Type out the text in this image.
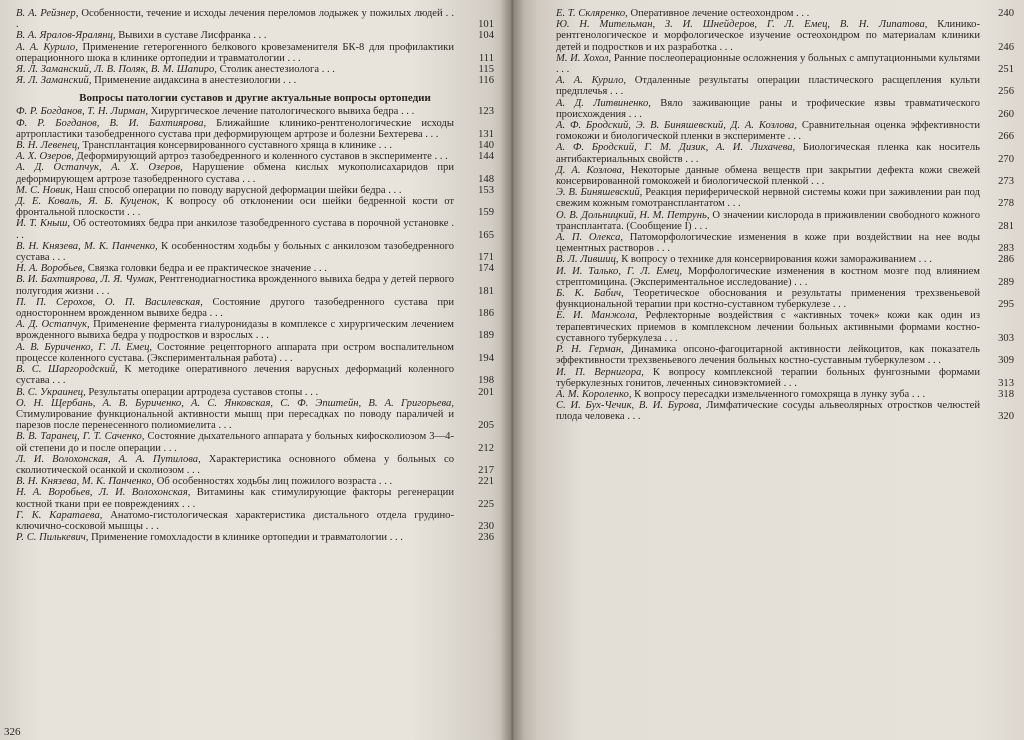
В. А. Рейзнер, Особенности, течение и исходы лечения переломов лодыжек у пожилых людей . . .	101

В. А. Яралов-Яралянц, Вывихи в суставе Лисфранка . . .	104

А. А. Курило, Применение гетерогенного белкового кровезаменителя БК-8 для профилактики операционного шока в клинике ортопедии и травматологии . . .	111

Я. Л. Заманский, Л. В. Поляк, В. М. Шапиро, Столик анестезиолога . . .	115

Я. Л. Заманский, Применение аидаксина в анестезиологии . . .	116

Вопросы патологии суставов и другие актуальные вопросы ортопедии

Ф. Р. Богданов, Т. Н. Лирман, Хирургическое лечение патологического вывиха бедра . . .	123

Ф. Р. Богданов, В. И. Бахтиярова, Ближайшие клинико-рентгенологические исходы артропластики тазобедренного сустава при деформирующем артрозе и болезни Бехтерева . . .	131

В. Н. Левенец, Трансплантация консервированного суставного хряща в клинике . . .	140

А. Х. Озеров, Деформирующий артроз тазобедренного и коленного суставов в эксперименте . . .	144

А. Д. Остапчук, А. Х. Озеров, Нарушение обмена кислых мукополисахаридов при деформирующем артрозе тазобедренного сустава . . .	148

М. С. Новик, Наш способ операции по поводу варусной деформации шейки бедра . . .	153

Д. Е. Коваль, Я. Б. Куценок, К вопросу об отклонении оси шейки бедренной кости от фронтальной плоскости . . .	159

И. Т. Кныш, Об остеотомиях бедра при анкилозе тазобедренного сустава в порочной установке . . .	165

В. Н. Князева, М. К. Панченко, К особенностям ходьбы у больных с анкилозом тазобедренного сустава . . .	171

Н. А. Воробьев, Связка головки бедра и ее практическое значение . . .	174

В. И. Бахтиярова, Л. Я. Чумак, Рентгенодиагностика врожденного вывиха бедра у детей первого полугодия жизни . . .	181

П. П. Серохов, О. П. Василевская, Состояние другого тазобедренного сустава при одностороннем врожденном вывихе бедра . . .	186

А. Д. Остапчук, Применение фермента гиалуронидазы в комплексе с хирургическим лечением врожденного вывиха бедра у подростков и взрослых . . .	189

А. В. Буриченко, Г. Л. Емец, Состояние рецепторного аппарата при остром воспалительном процессе коленного сустава. (Экспериментальная работа) . . .	194

В. С. Шаргородский, К методике оперативного лечения варусных деформаций коленного сустава . . .	198

В. С. Украинец, Результаты операции артродеза суставов стопы . . .	201

О. Н. Щербань, А. В. Буриченко, А. С. Янковская, С. Ф. Эпштейн, В. А. Григорьева, Стимулирование функциональной активности мышц при пересадках по поводу параличей и парезов после перенесенного полиомиелита . . .	205

В. В. Таранец, Г. Т. Саченко, Состояние дыхательного аппарата у больных кифосколиозом 3—4-ой степени до и после операции . . .	212

Л. И. Волохонская, А. А. Путилова, Характеристика основного обмена у больных со сколиотической осанкой и сколиозом . . .	217

В. Н. Князева, М. К. Панченко, Об особенностях ходьбы лиц пожилого возраста . . .	221

Н. А. Воробьев, Л. И. Волохонская, Витамины как стимулирующие факторы регенерации костной ткани при ее повреждениях . . .	225

Г. К. Каратаева, Анатомо-гистологическая характеристика дистального отдела грудино-ключично-сосковой мышцы . . .	230

Р. С. Пилькевич, Применение гомохладости в клинике ортопедии и травматологии . . .	236

326

Е. Т. Скляренко, Оперативное лечение остеохондром . . .	240

Ю. Н. Мительман, З. И. Шнейдеров, Г. Л. Емец, В. Н. Липатова, Клинико-рентгенологическое и морфологическое изучение остеохондром по материалам клиники детей и подростков и их разработка . . .	246

М. И. Хохол, Ранние послеоперационные осложнения у больных с ампутационными культями . . .	251

А. А. Курило, Отдаленные результаты операции пластического расщепления культи предплечья . . .	256

А. Д. Литвиненко, Вяло заживающие раны и трофические язвы травматического происхождения . . .	260

А. Ф. Бродский, Э. В. Биняшевский, Д. А. Козлова, Сравнительная оценка эффективности гомокожи и биологической пленки в эксперименте . . .	266

А. Ф. Бродский, Г. М. Дизик, А. И. Лихачева, Биологическая пленка как носитель антибактериальных свойств . . .	270

Д. А. Козлова, Некоторые данные обмена веществ при закрытии дефекта кожи свежей консервированной гомокожей и биологической пленкой . . .	273

Э. В. Биняшевский, Реакция периферической нервной системы кожи при заживлении ран под свежим кожным гомотрансплантатом . . .	278

О. В. Дольницкий, Н. М. Петрунь, О значении кислорода в приживлении свободного кожного трансплантата. (Сообщение I) . . .	281

А. П. Олекса, Патоморфологические изменения в коже при воздействии на нее воды цементных растворов . . .	283

В. Л. Лившиц, К вопросу о технике для консервирования кожи замораживанием . . .	286

И. И. Талько, Г. Л. Емец, Морфологические изменения в костном мозге под влиянием стрептомицина. (Экспериментальное исследование) . . .	289

Б. К. Бабич, Теоретическое обоснования и результаты применения трехзвеньевой функциональной терапии при костно-суставном туберкулезе . . .	295

Е. И. Манжола, Рефлекторные воздействия с «активных точек» кожи как один из терапевтических приемов в комплексном лечении больных активными формами костно-суставного туберкулеза . . .	303

Р. Н. Герман, Динамика опсоно-фагоцитарной активности лейкоцитов, как показатель эффективности трехзвеньевого лечения больных костно-суставным туберкулезом . . .	309

И. П. Вернигора, К вопросу комплексной терапии больных фунгозными формами туберкулезных гонитов, леченных синовэктомией . . .	313

А. М. Короленко, К вопросу пересадки измельченного гомохряща в лунку зуба . . .	318

С. И. Бух-Чечик, В. И. Бурова, Лимфатические сосуды альвеолярных отростков челюстей плода человека . . .	320
